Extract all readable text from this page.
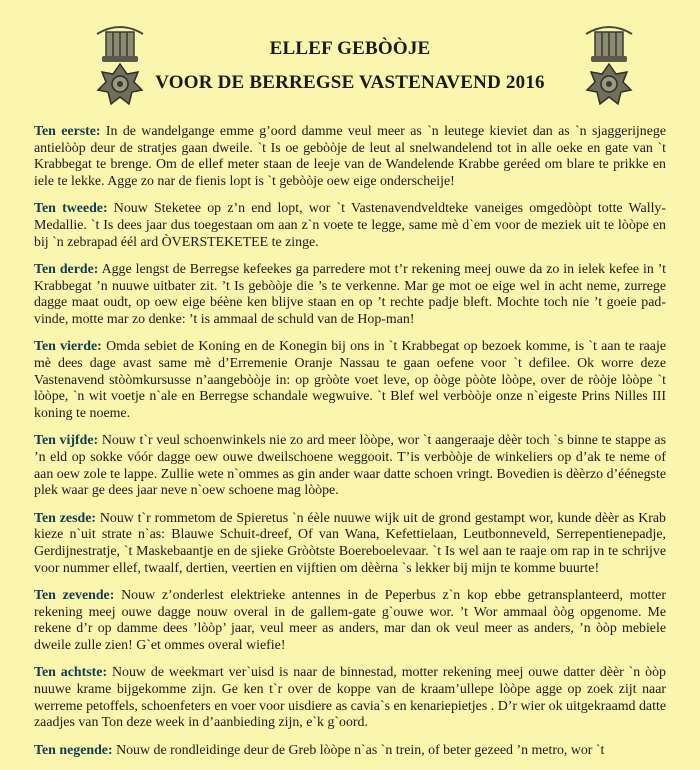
ELLEF GEBÒÒJE
VOOR DE BERREGSE VASTENAVEND 2016

Ten eerste: In de wandelgange emme g’oord damme veul meer as `n leutege kieviet dan as `n sjaggerijnege antielòòp deur de stratjes gaan dweile. `t Is oe gebòòje de leut al snelwandelend tot in alle oeke en gate van `t Krabbegat te brenge. Om de ellef meter staan de leeje van de Wandelende Krabbe geréed om blare te prikke en iele te lekke. Agge zo nar de fienis lopt is `t gebòòje oew eige onderscheije!

Ten tweede: Nouw Steketee op z’n end lopt, wor `t Vastenavendveldteke vaneiges omgedòòpt totte Wally-Medallie. `t Is dees jaar dus toegestaan om aan z`n voete te legge, same mè d`em voor de meziek uit te lòòpe en bij `n zebrapad éél ard ÒVERSTEKETEE te zinge.

Ten derde: Agge lengst de Berregse kefeekes ga parredere mot t’r rekening meej ouwe da zo in ielek kefee in ’t Krabbegat ’n nuuwe uitbater zit. ’t Is gebòòje die ’s te verkenne. Mar ge mot oe eige wel in acht neme, zurrege dagge maat oudt, op oew eige béène ken blijve staan en op ’t rechte padje bleft. Mochte toch nie ’t goeie pad-vinde, motte mar zo denke: ’t is ammaal de schuld van de Hop-man!

Ten vierde: Omda sebiet de Koning en de Konegin bij ons in `t Krabbegat op bezoek komme, is `t aan te raaje mè dees dage avast same mè d’Erremenie Oranje Nassau te gaan oefene voor `t defilee. Ok worre deze Vastenavend stòòmkursusse n’aangebòòje in: op gròòte voet leve, op òòge pòòte lòòpe, over de ròòje lòòpe `t lòòpe, `n wit voetje n`ale en Berregse schandale wegwuive. `t Blef wel verbòòje onze n`eigeste Prins Nilles III koning te noeme.

Ten vijfde: Nouw t`r veul schoenwinkels nie zo ard meer lòòpe, wor `t aangeraaje dèèr toch `s binne te stappe as ’n eld op sokke vóór dagge oew ouwe dweilschoene weggooit. T’is verbòòje de winkeliers op d’ak te neme of aan oew zole te lappe. Zullie wete n`ommes as gin ander waar datte schoen vringt. Bovedien is dèèrzo d’éénegste plek waar ge dees jaar neve n`oew schoene mag lòòpe.

Ten zesde: Nouw t`r rommetom de Spieretus `n éèle nuuwe wijk uit de grond gestampt wor, kunde dèèr as Krab kieze n`uit strate n`as: Blauwe Schuit-dreef, Of van Wana, Kefettielaan, Leutbonneveld, Serrepentienepadje, Gerdijnestratje, `t Maskebaantje en de sjieke Gròòtste Boereboelevaar. `t Is wel aan te raaje om rap in te schrijve voor nummer ellef, twaalf, dertien, veertien en vijftien om dèèrna `s lekker bij mijn te komme buurte!

Ten zevende: Nouw z’onderlest elektrieke antennes in de Peperbus z`n kop ebbe getransplanteerd, motter rekening meej ouwe dagge nouw overal in de gallem-gate g`ouwe wor. ’t Wor ammaal òòg opgenome. Me rekene d’r op damme dees ’lòòp’ jaar, veul meer as anders, mar dan ok veul meer as anders, ’n òòp mebiele dweile zulle zien! G`et ommes overal wiefie!

Ten achtste: Nouw de weekmart ver`uisd is naar de binnestad, motter rekening meej ouwe datter dèèr `n òòp nuuwe krame bijgekomme zijn. Ge ken t`r over de koppe van de kraam’ullepe lòòpe agge op zoek zijt naar werreme petoffels, schoenfeters en voer voor uisdiere as cavia`s en kenariepietjes . D’r wier ok uitgekraamd datte zaadjes van Ton deze week in d’aanbieding zijn, e`k g`oord.

Ten negende: Nouw de rondleidinge deur de Greb lòòpe n`as `n trein, of beter gezeed ’n metro, wor `t
